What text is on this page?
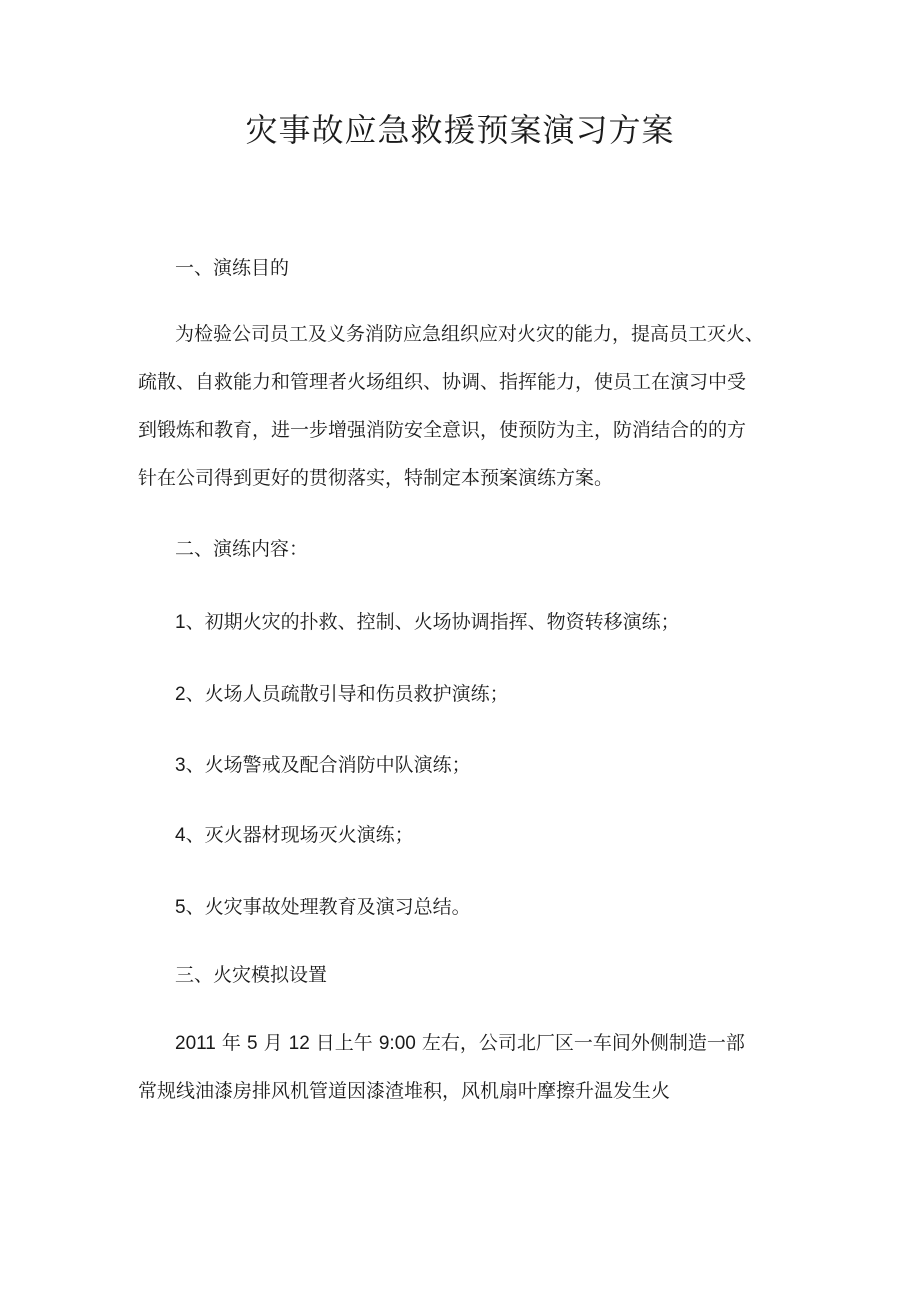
灾事故应急救援预案演习方案

一、演练目的

为检验公司员工及义务消防应急组织应对火灾的能力，提高员工灭火、

疏散、自救能力和管理者火场组织、协调、指挥能力，使员工在演习中受

到锻炼和教育，进一步增强消防安全意识，使预防为主，防消结合的的方

针在公司得到更好的贯彻落实，特制定本预案演练方案。

二、演练内容：

1、初期火灾的扑救、控制、火场协调指挥、物资转移演练；

2、火场人员疏散引导和伤员救护演练；

3、火场警戒及配合消防中队演练；

4、灭火器材现场灭火演练；

5、火灾事故处理教育及演习总结。

三、火灾模拟设置

2011 年 5 月 12 日上午 9:00 左右，公司北厂区一车间外侧制造一部

常规线油漆房排风机管道因漆渣堆积，风机扇叶摩擦升温发生火
